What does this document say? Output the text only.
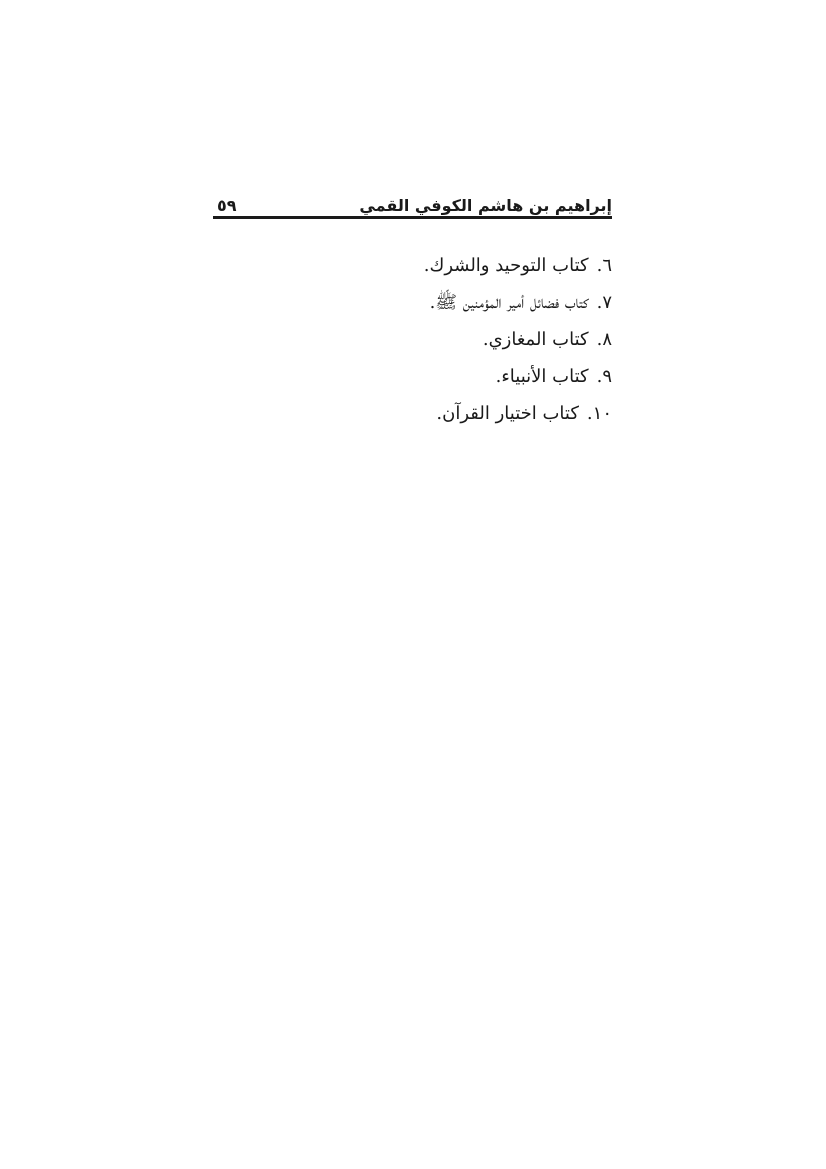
إبراهيم بن هاشم الكوفي القمي
٥٩
٦.كتاب التوحيد والشرك.
٧.كتاب فضائل أمير المؤمنين ﷺ.
٨.كتاب المغازي.
٩.كتاب الأنبياء.
١٠.كتاب اختيار القرآن.
